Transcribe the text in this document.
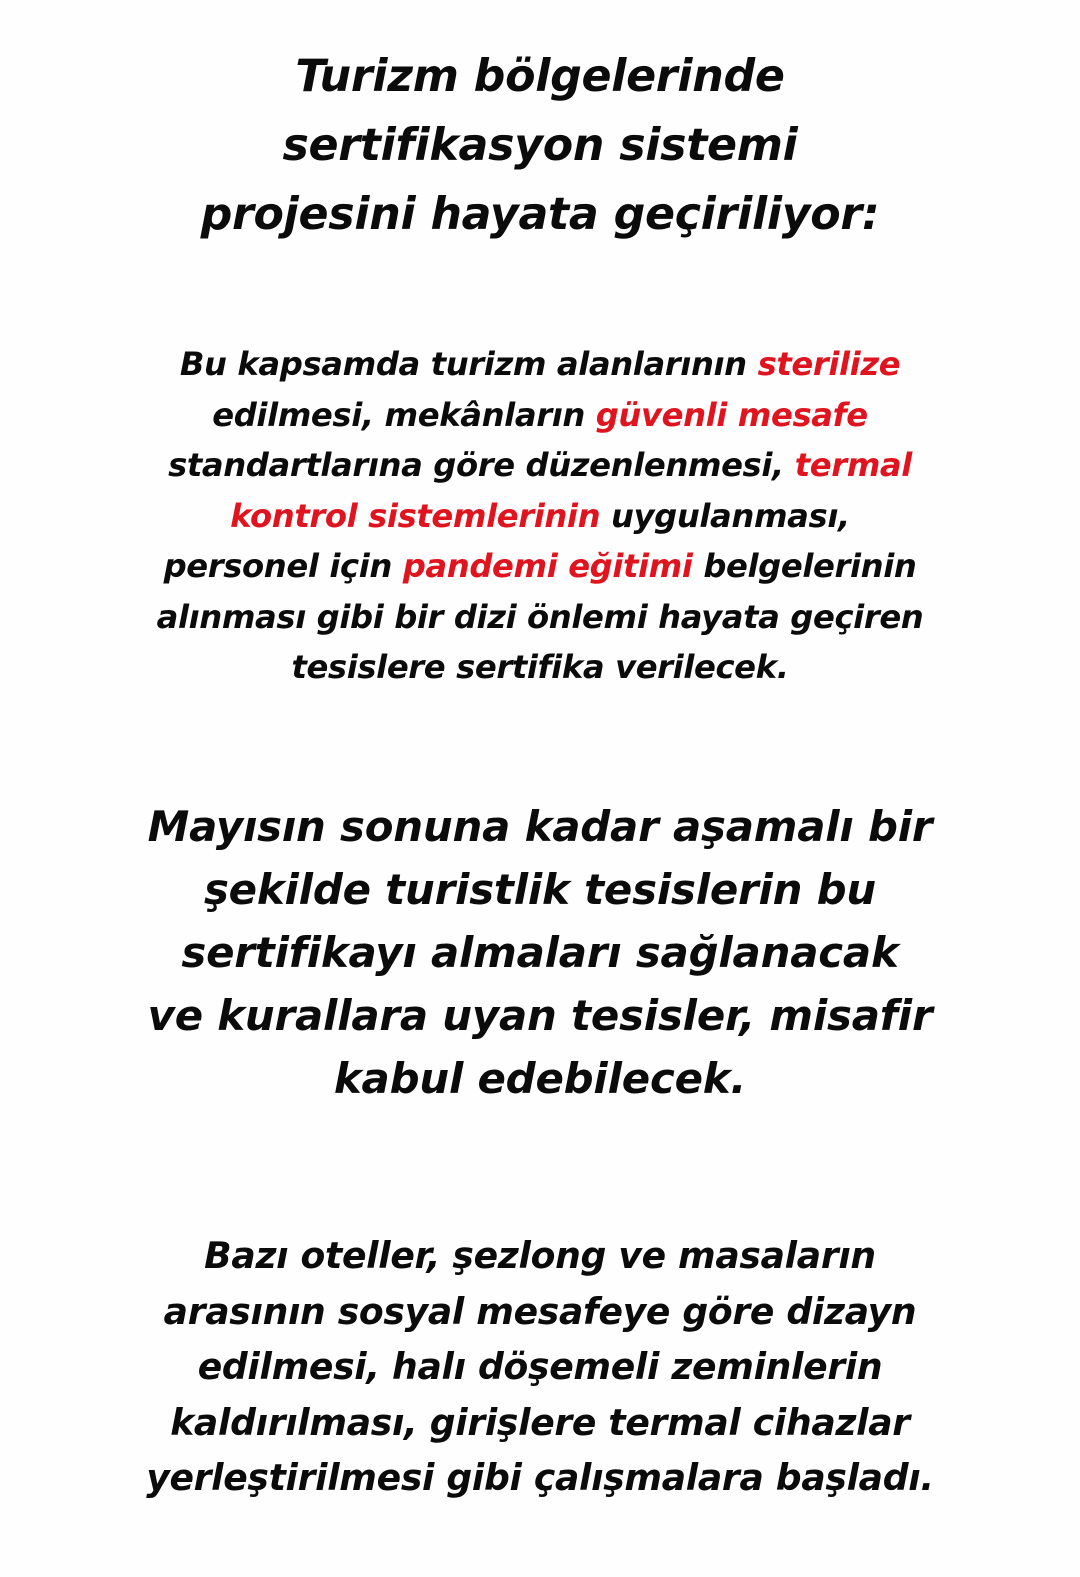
Turizm bölgelerinde
sertifikasyon sistemi
projesini hayata geçiriliyor:
Bu kapsamda turizm alanlarının sterilize
edilmesi, mekânların güvenli mesafe
standartlarına göre düzenlenmesi, termal
kontrol sistemlerinin uygulanması,
personel için pandemi eğitimi belgelerinin
alınması gibi bir dizi önlemi hayata geçiren
tesislere sertifika verilecek.
Mayısın sonuna kadar aşamalı bir
şekilde turistlik tesislerin bu
sertifikayı almaları sağlanacak
ve kurallara uyan tesisler, misafir
kabul edebilecek.
Bazı oteller, şezlong ve masaların
arasının sosyal mesafeye göre dizayn
edilmesi, halı döşemeli zeminlerin
kaldırılması, girişlere termal cihazlar
yerleştirilmesi gibi çalışmalara başladı.
